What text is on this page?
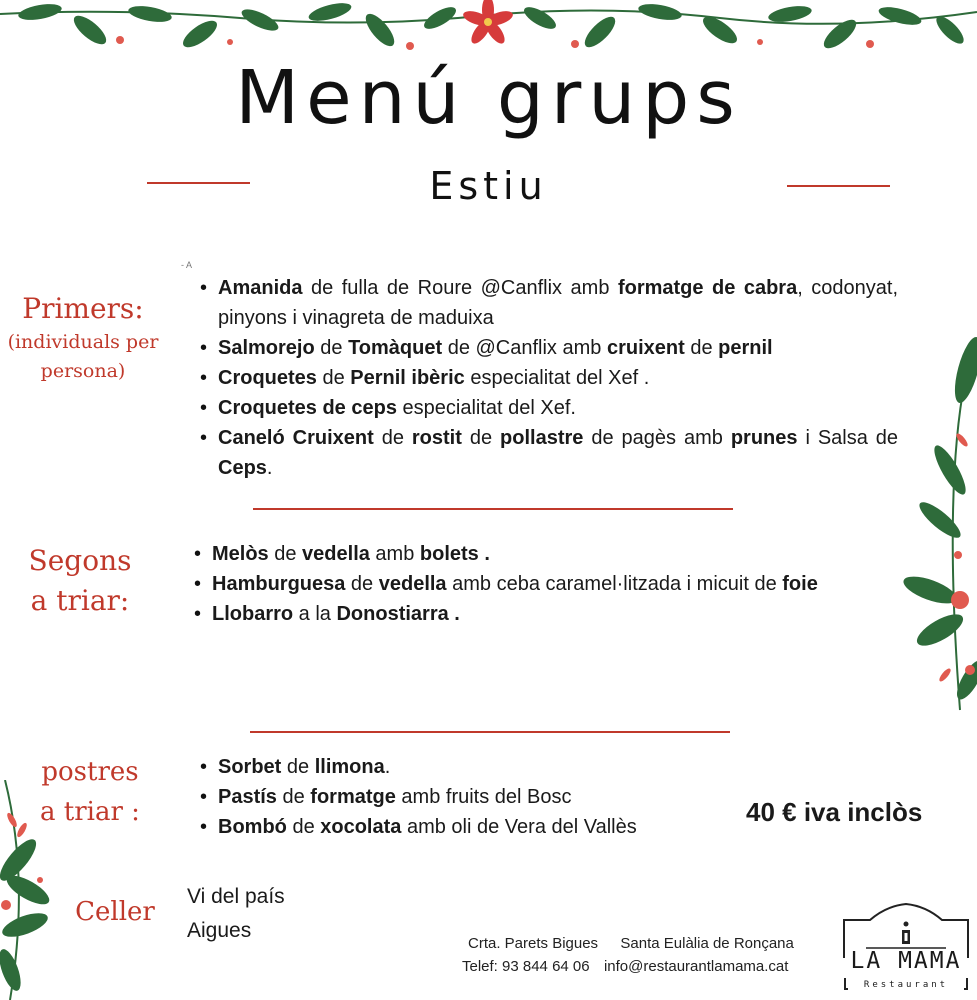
Menú grups
Estiu
- A
Primers:
(individuals per
persona)
• Amanida de fulla de Roure @Canflix amb formatge de cabra, codonyat, pinyons i vinagreta de maduixa
• Salmorejo de Tomàquet de @Canflix amb cruixent de pernil
• Croquetes de Pernil ibèric especialitat del Xef .
• Croquetes de ceps especialitat del Xef.
• Caneló Cruixent de rostit de pollastre de pagès amb prunes i Salsa de Ceps.
Segons
a triar:
• Melòs de vedella amb bolets .
• Hamburguesa de vedella amb ceba caramel·litzada i micuit de foie
• Llobarro a la Donostiarra .
postres
a triar :
• Sorbet de llimona.
• Pastís de formatge amb fruits del Bosc
• Bombó de xocolata amb oli de Vera del Vallès	40 € iva inclòs
Celler
Vi del país
Aigues
Crta. Parets Bigues Santa Eulàlia de Ronçana
Telef: 93 844 64 06 info@restaurantlamama.cat	LA MAMA
Restaurant
